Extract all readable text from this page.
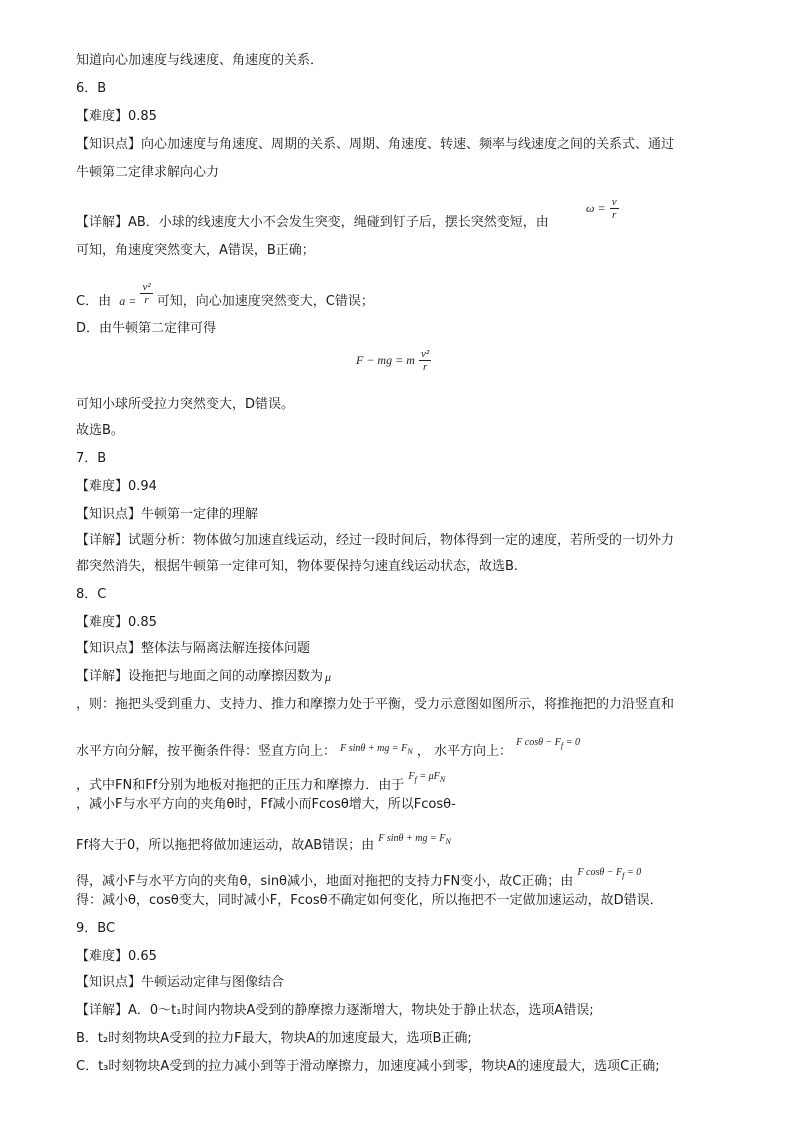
知道向心加速度与线速度、角速度的关系．
6．B
【难度】0.85
【知识点】向心加速度与角速度、周期的关系、周期、角速度、转速、频率与线速度之间的关系式、通过
牛顿第二定律求解向心力
【详解】AB．小球的线速度大小不会发生突变，绳碰到钉子后，摆长突然变短，由
$\omega = \frac{v}{r}$
可知，角速度突然变大，A错误，B正确；
C．由 $a = \frac{\text{v²}}{r}$ 可知，向心加速度突然变大，C错误；
D．由牛顿第二定律可得
F − mg = m $\frac{\text{v²}}{r}$
可知小球所受拉力突然变大，D错误。
故选B。
7．B
【难度】0.94
【知识点】牛顿第一定律的理解
【详解】试题分析：物体做匀加速直线运动，经过一段时间后，物体得到一定的速度，若所受的一切外力
都突然消失，根据牛顿第一定律可知，物体要保持匀速直线运动状态，故选B.
8．C
【难度】0.85
【知识点】整体法与隔离法解连接体问题
【详解】设拖把与地面之间的动摩擦因数为 μ
，则：拖把头受到重力、支持力、推力和摩擦力处于平衡，受力示意图如图所示，将推拖把的力沿竖直和
水平方向分解，按平衡条件得：竖直方向上： $^{F sin\theta + mg = F_N}$ ， 水平方向上： $^{F cos\theta - F_f = 0}$
，式中FN和Ff分别为地板对拖把的正压力和摩擦力．由于 $^{F_f = \mu F_N}$
，减小F与水平方向的夹角θ时，Ff减小而Fcosθ增大，所以Fcosθ-
Ff将大于0，所以拖把将做加速运动，故AB错误；由 $^{F sin\theta + mg = F_N}$
得，减小F与水平方向的夹角θ，sinθ减小，地面对拖把的支持力FN变小，故C正确；由 $^{F cos\theta - F_f = 0}$
得：减小θ，cosθ变大，同时减小F，Fcosθ不确定如何变化，所以拖把不一定做加速运动，故D错误．
9．BC
【难度】0.65
【知识点】牛顿运动定律与图像结合
【详解】A．0～t₁时间内物块A受到的静摩擦力逐渐增大，物块处于静止状态，选项A错误;
B．t₂时刻物块A受到的拉力F最大，物块A的加速度最大，选项B正确;
C．t₃时刻物块A受到的拉力减小到等于滑动摩擦力，加速度减小到零，物块A的速度最大，选项C正确;
